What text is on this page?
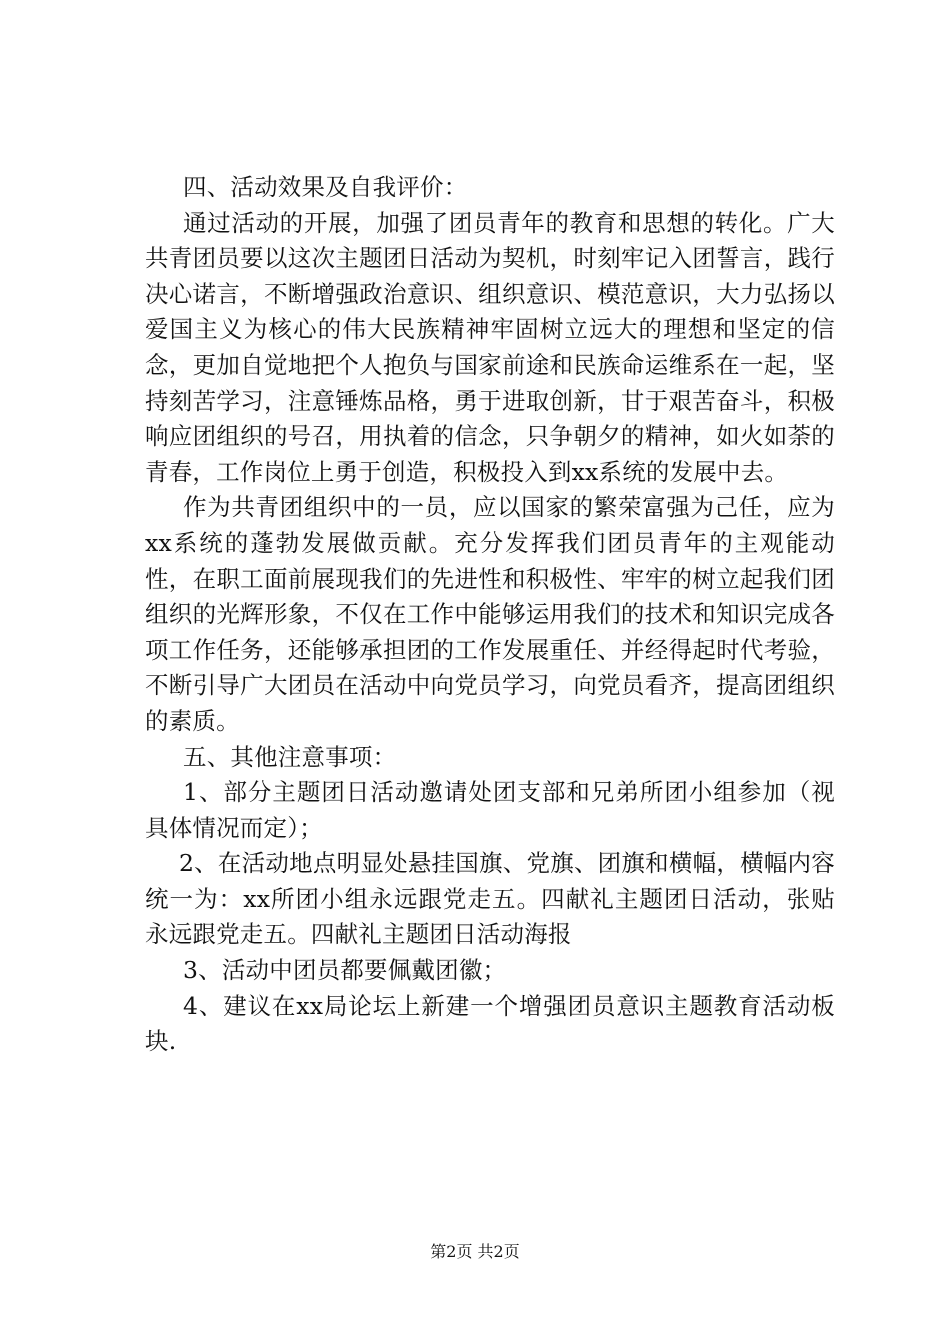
四、活动效果及自我评价：

通过活动的开展，加强了团员青年的教育和思想的转化。广大共青团员要以这次主题团日活动为契机，时刻牢记入团誓言，践行决心诺言，不断增强政治意识、组织意识、模范意识，大力弘扬以爱国主义为核心的伟大民族精神牢固树立远大的理想和坚定的信念，更加自觉地把个人抱负与国家前途和民族命运维系在一起，坚持刻苦学习，注意锤炼品格，勇于进取创新，甘于艰苦奋斗，积极响应团组织的号召，用执着的信念，只争朝夕的精神，如火如荼的青春，工作岗位上勇于创造，积极投入到xx系统的发展中去。

作为共青团组织中的一员，应以国家的繁荣富强为己任，应为xx系统的蓬勃发展做贡献。充分发挥我们团员青年的主观能动性，在职工面前展现我们的先进性和积极性、牢牢的树立起我们团组织的光辉形象，不仅在工作中能够运用我们的技术和知识完成各项工作任务，还能够承担团的工作发展重任、并经得起时代考验，不断引导广大团员在活动中向党员学习，向党员看齐，提高团组织的素质。

五、其他注意事项：

1、部分主题团日活动邀请处团支部和兄弟所团小组参加（视具体情况而定）；

2、在活动地点明显处悬挂国旗、党旗、团旗和横幅，横幅内容统一为：xx所团小组永远跟党走五。四献礼主题团日活动，张贴永远跟党走五。四献礼主题团日活动海报

3、活动中团员都要佩戴团徽；

4、建议在xx局论坛上新建一个增强团员意识主题教育活动板块.

第2页 共2页
